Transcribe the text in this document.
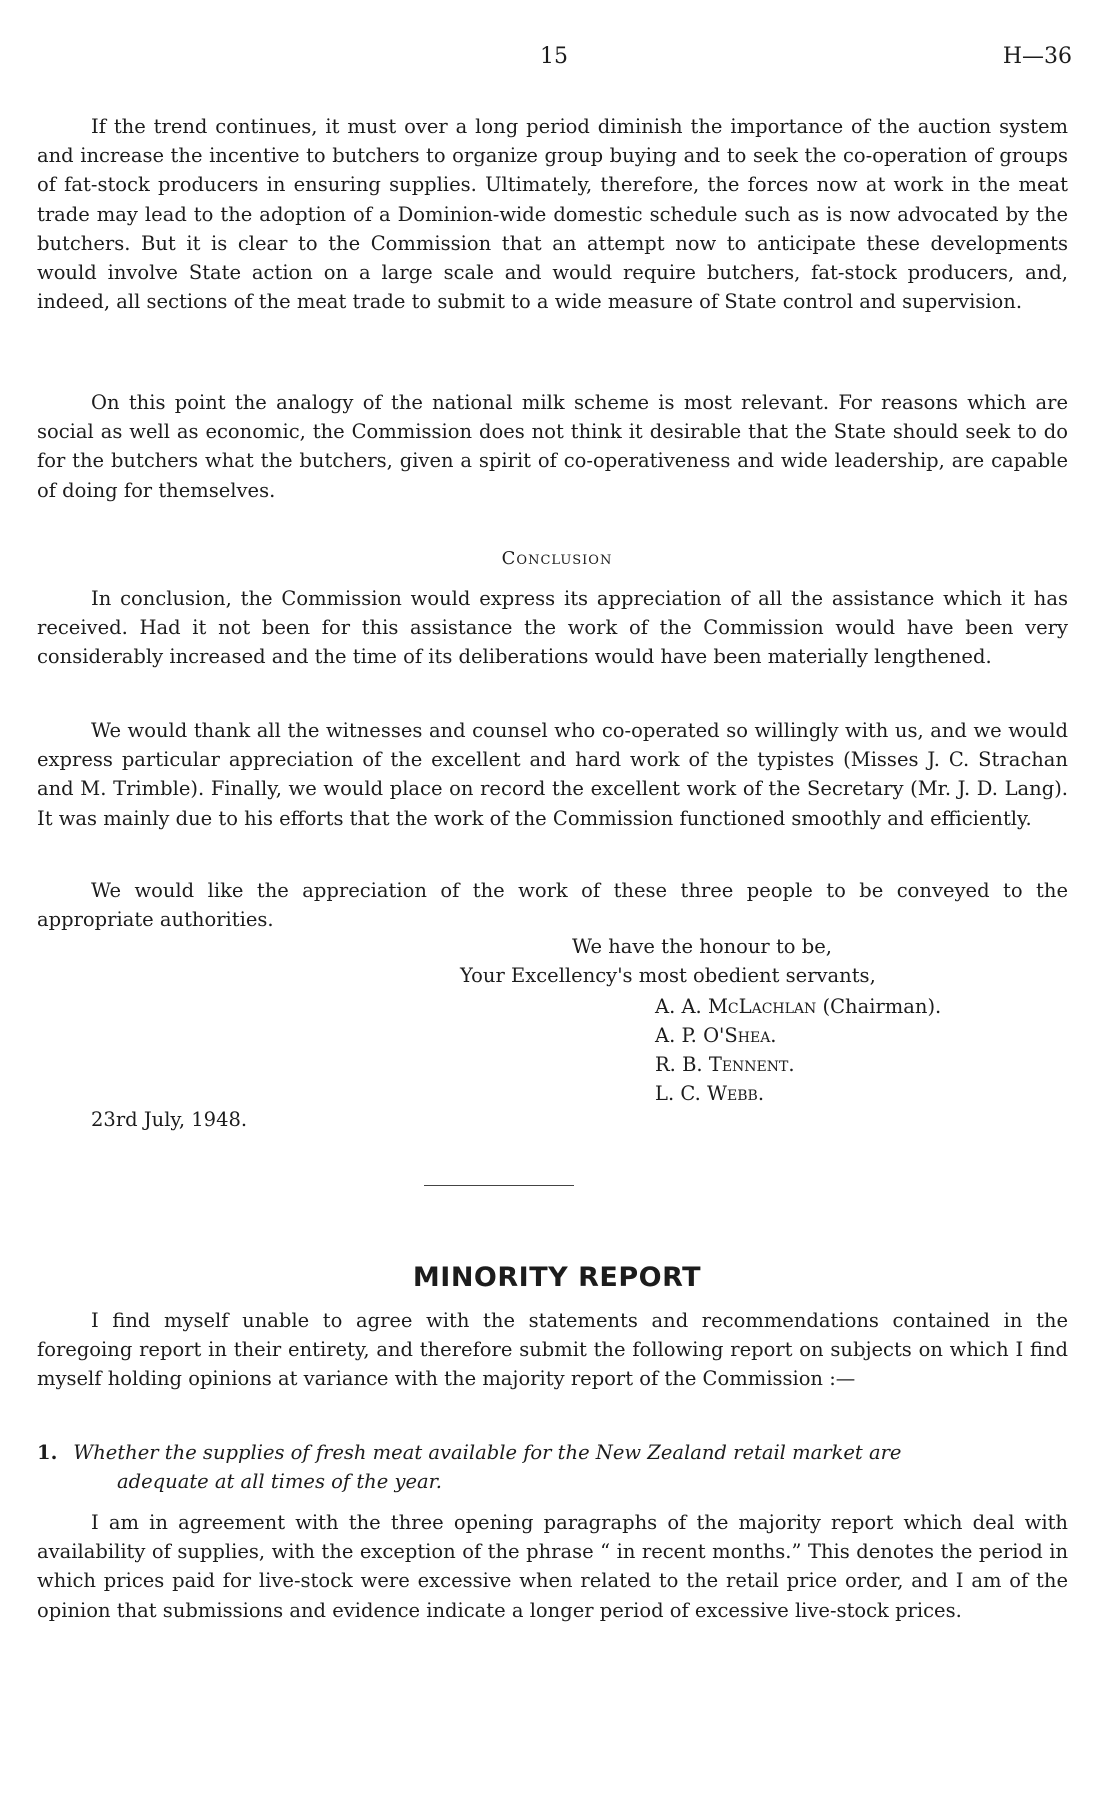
15	H—36

If the trend continues, it must over a long period diminish the importance of the auction system and increase the incentive to butchers to organize group buying and to seek the co-operation of groups of fat-stock producers in ensuring supplies. Ultimately, therefore, the forces now at work in the meat trade may lead to the adoption of a Dominion-wide domestic schedule such as is now advocated by the butchers. But it is clear to the Commission that an attempt now to anticipate these developments would involve State action on a large scale and would require butchers, fat-stock producers, and, indeed, all sections of the meat trade to submit to a wide measure of State control and supervision.

On this point the analogy of the national milk scheme is most relevant. For reasons which are social as well as economic, the Commission does not think it desirable that the State should seek to do for the butchers what the butchers, given a spirit of co-operativeness and wide leadership, are capable of doing for themselves.

Conclusion

In conclusion, the Commission would express its appreciation of all the assistance which it has received. Had it not been for this assistance the work of the Commission would have been very considerably increased and the time of its deliberations would have been materially lengthened.

We would thank all the witnesses and counsel who co-operated so willingly with us, and we would express particular appreciation of the excellent and hard work of the typistes (Misses J. C. Strachan and M. Trimble). Finally, we would place on record the excellent work of the Secretary (Mr. J. D. Lang). It was mainly due to his efforts that the work of the Commission functioned smoothly and efficiently.

We would like the appreciation of the work of these three people to be conveyed to the appropriate authorities.

We have the honour to be,
Your Excellency's most obedient servants,
A. A. McLachlan (Chairman).
A. P. O'Shea.
R. B. Tennent.
L. C. Webb.
23rd July, 1948.
MINORITY REPORT

I find myself unable to agree with the statements and recommendations contained in the foregoing report in their entirety, and therefore submit the following report on subjects on which I find myself holding opinions at variance with the majority report of the Commission :—

1. Whether the supplies of fresh meat available for the New Zealand retail market are
adequate at all times of the year.

I am in agreement with the three opening paragraphs of the majority report which deal with availability of supplies, with the exception of the phrase “ in recent months.” This denotes the period in which prices paid for live-stock were excessive when related to the retail price order, and I am of the opinion that submissions and evidence indicate a longer period of excessive live-stock prices.
